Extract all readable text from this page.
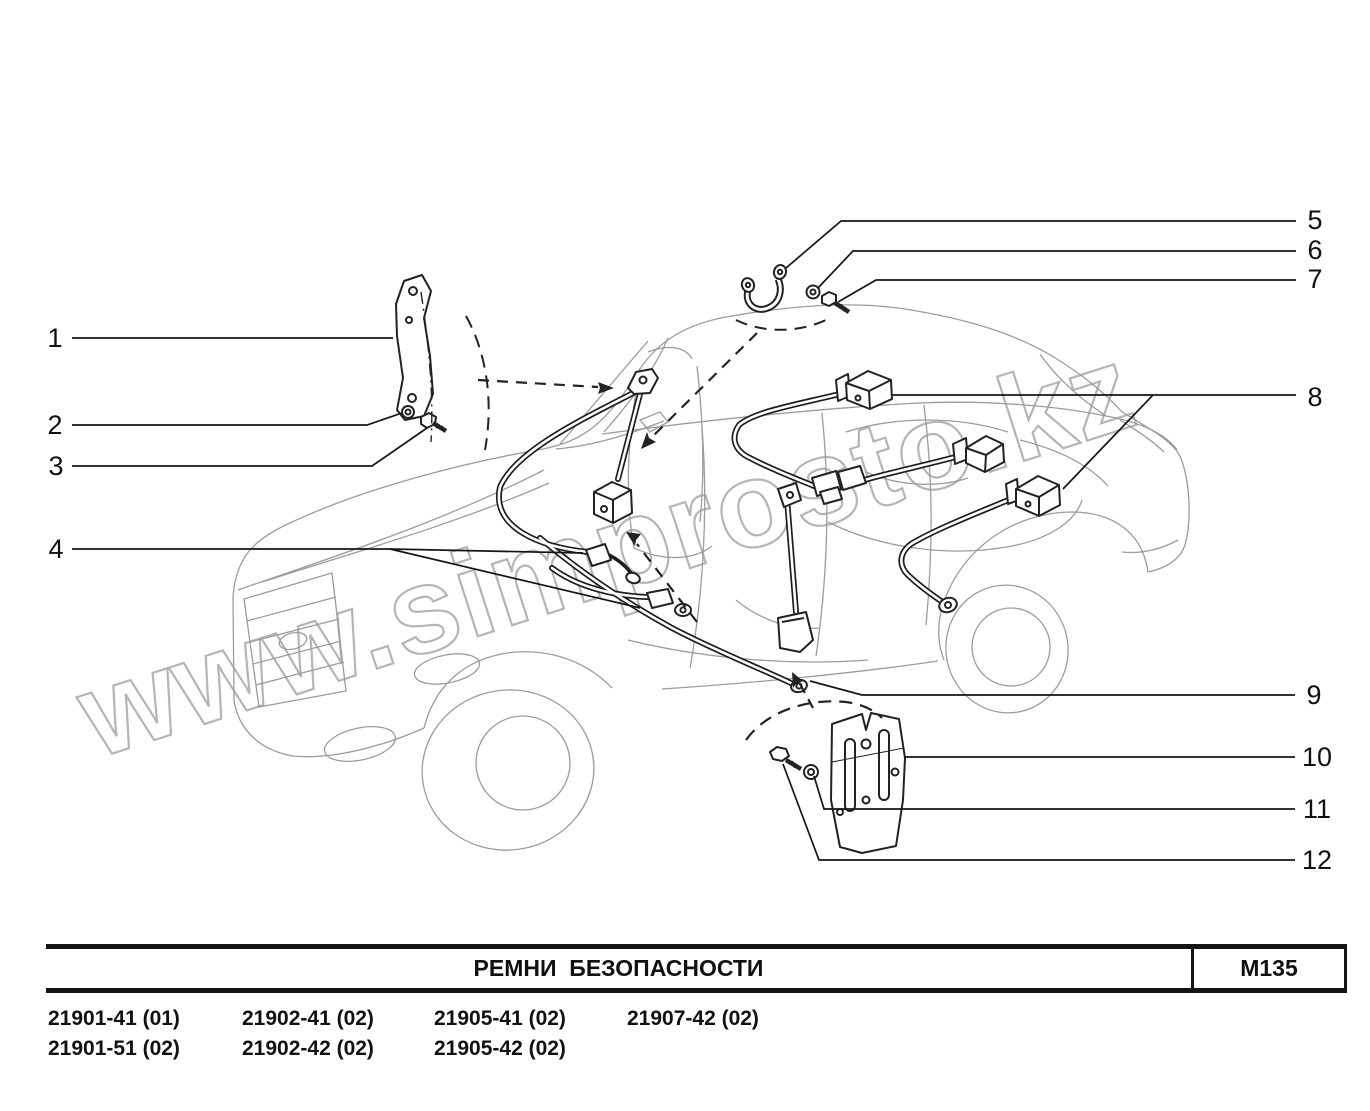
www.simprosto.kz
1
2
3
4
5
6
7
8
9
10
11
12
РЕМНИ  БЕЗОПАСНОСТИ	M135
21901-41 (01)	21902-41 (02)	21905-41 (02)	21907-42 (02)
21901-51 (02)	21902-42 (02)	21905-42 (02)
